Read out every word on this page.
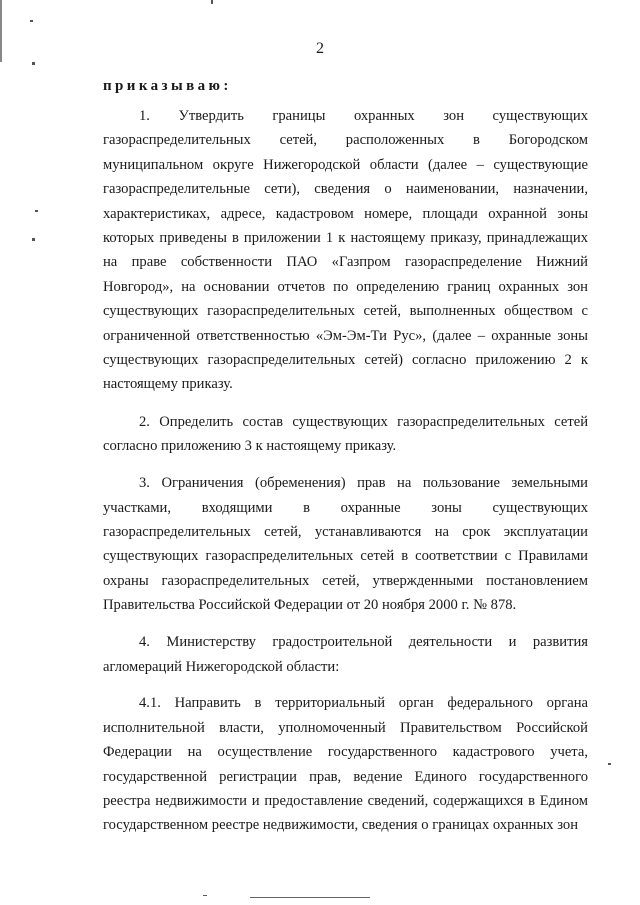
2
приказываю:

1. Утвердить границы охранных зон существующих газораспределительных сетей, расположенных в Богородском муниципальном округе Нижегородской области (далее – существующие газораспределительные сети), сведения о наименовании, назначении, характеристиках, адресе, кадастровом номере, площади охранной зоны которых приведены в приложении 1 к настоящему приказу, принадлежащих на праве собственности ПАО «Газпром газораспределение Нижний Новгород», на основании отчетов по определению границ охранных зон существующих газораспределительных сетей, выполненных обществом с ограниченной ответственностью «Эм-Эм-Ти Рус», (далее – охранные зоны существующих газораспределительных сетей) согласно приложению 2 к настоящему приказу.

2. Определить состав существующих газораспределительных сетей согласно приложению 3 к настоящему приказу.

3. Ограничения (обременения) прав на пользование земельными участками, входящими в охранные зоны существующих газораспределительных сетей, устанавливаются на срок эксплуатации существующих газораспределительных сетей в соответствии с Правилами охраны газораспределительных сетей, утвержденными постановлением Правительства Российской Федерации от 20 ноября 2000 г. № 878.

4. Министерству градостроительной деятельности и развития агломераций Нижегородской области:

4.1. Направить в территориальный орган федерального органа исполнительной власти, уполномоченный Правительством Российской Федерации на осуществление государственного кадастрового учета, государственной регистрации прав, ведение Единого государственного реестра недвижимости и предоставление сведений, содержащихся в Едином государственном реестре недвижимости, сведения о границах охранных зон
